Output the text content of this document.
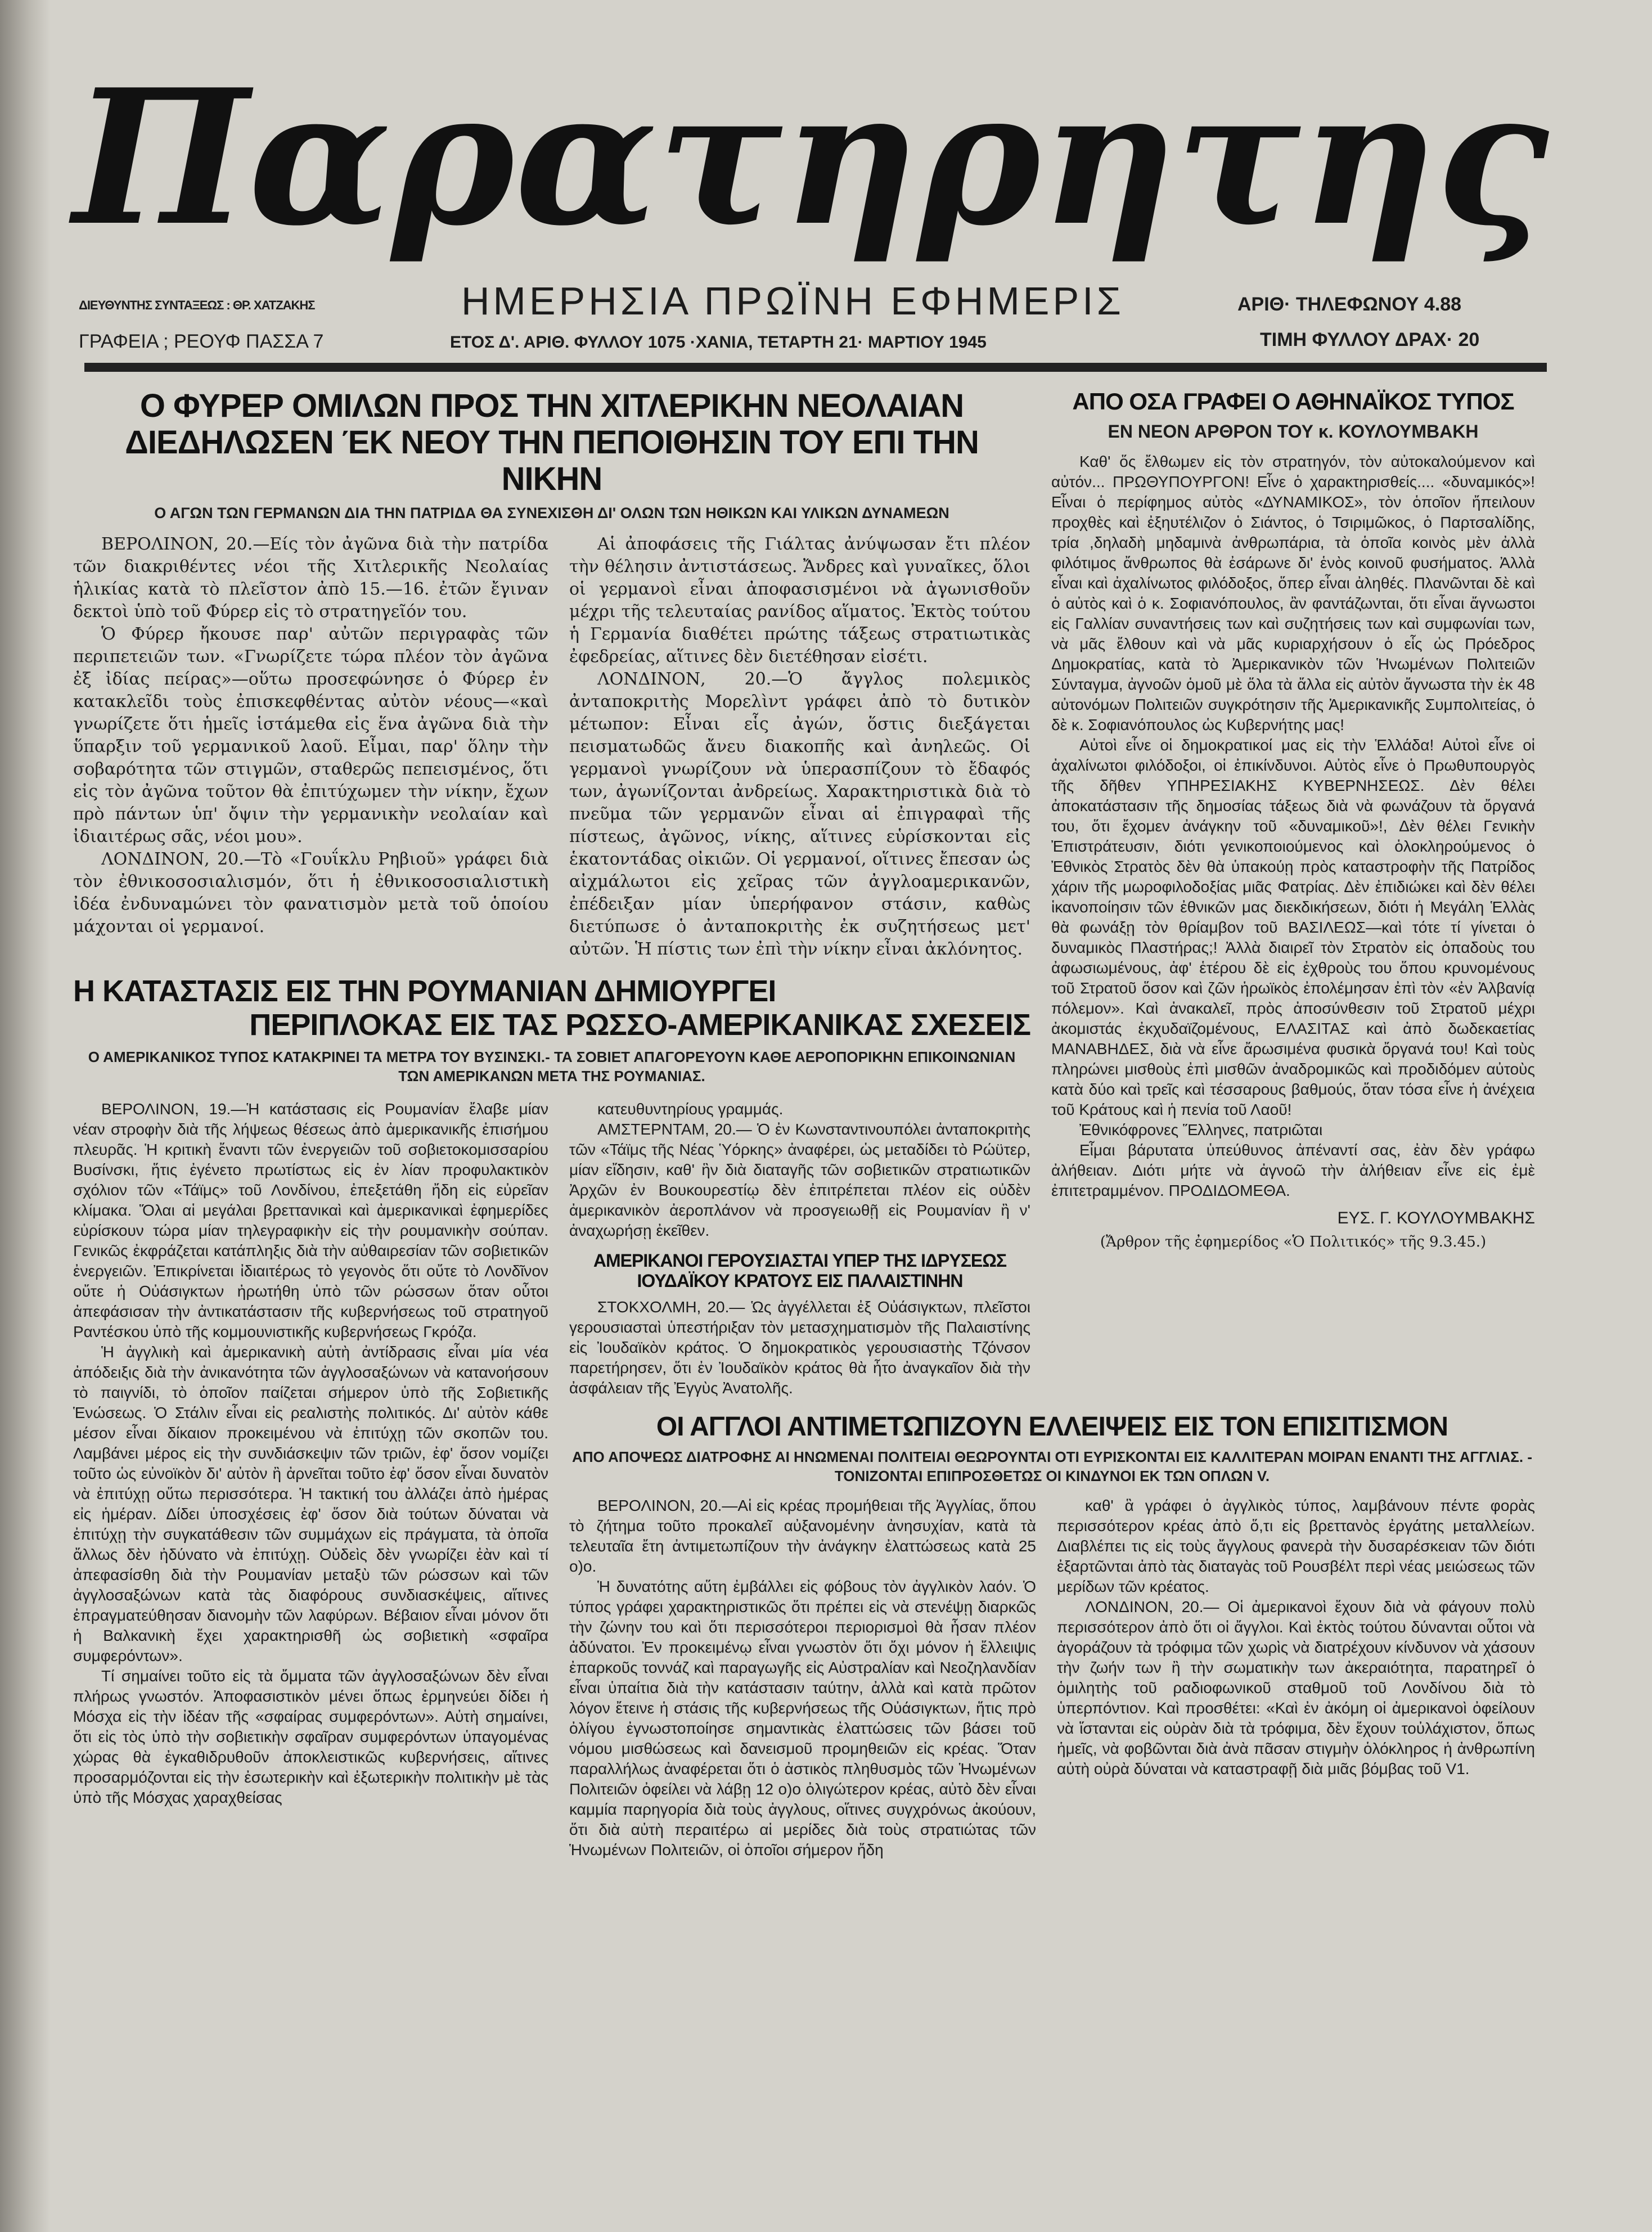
Παρατηρητης
ΔΙΕΥΘΥΝΤΗΣ ΣΥΝΤΑΞΕΩΣ : ΘΡ. ΧΑΤΖΑΚΗΣ	ΗΜΕΡΗΣΙΑ ΠΡΩΪΝΗ ΕΦΗΜΕΡΙΣ	ΑΡΙΘ· ΤΗΛΕΦΩΝΟΥ 4.88
ΓΡΑΦΕΙΑ ; ΡΕΟΥΦ ΠΑΣΣΑ 7	ΕΤΟΣ Δ'. ΑΡΙΘ. ΦΥΛΛΟΥ 1075 ·ΧΑΝΙΑ, ΤΕΤΑΡΤΗ 21· ΜΑΡΤΙΟΥ 1945	ΤΙΜΗ ΦΥΛΛΟΥ ΔΡΑΧ· 20
Ο ΦΥΡΕΡ ΟΜΙΛΩΝ ΠΡΟΣ ΤΗΝ ΧΙΤΛΕΡΙΚΗΝ ΝΕΟΛΑΙΑΝ
ΔΙΕΔΗΛΩΣΕΝ ΈΚ ΝΕΟΥ ΤΗΝ ΠΕΠΟΙΘΗΣΙΝ ΤΟΥ ΕΠΙ ΤΗΝ ΝΙΚΗΝ
Ο ΑΓΩΝ ΤΩΝ ΓΕΡΜΑΝΩΝ ΔΙΑ ΤΗΝ ΠΑΤΡΙΔΑ ΘΑ ΣΥΝΕΧΙΣΘΗ ΔΙ' ΟΛΩΝ ΤΩΝ ΗΘΙΚΩΝ ΚΑΙ ΥΛΙΚΩΝ ΔΥΝΑΜΕΩΝ

ΒΕΡΟΛΙΝΟΝ, 20.—Είς τὸν ἀγῶνα διὰ τὴν πατρίδα τῶν διακριθέντες νέοι τῆς Χιτλερικῆς Νεολαίας ἡλικίας κατὰ τὸ πλεῖστον ἀπὸ 15.—16. ἐτῶν ἔγιναν δεκτοὶ ὑπὸ τοῦ Φύρερ εἰς τὸ στρατηγεῖόν του.

Ὁ Φύρερ ἤκουσε παρ' αὐτῶν περιγραφὰς τῶν περιπετειῶν των. «Γνωρίζετε τώρα πλέον τὸν ἀγῶνα ἐξ ἰδίας πείρας»—οὕτω προσεφώνησε ὁ Φύρερ ἐν κατακλεῖδι τοὺς ἐπισκεφθέντας αὐτὸν νέους—«καὶ γνωρίζετε ὅτι ἡμεῖς ἱστάμεθα εἰς ἕνα ἀγῶνα διὰ τὴν ὕπαρξιν τοῦ γερμανικοῦ λαοῦ. Εἶμαι, παρ' ὅλην τὴν σοβαρότητα τῶν στιγμῶν, σταθερῶς πεπεισμένος, ὅτι εἰς τὸν ἀγῶνα τοῦτον θὰ ἐπιτύχωμεν τὴν νίκην, ἔχων πρὸ πάντων ὑπ' ὄψιν τὴν γερμανικὴν νεολαίαν καὶ ἰδιαιτέρως σᾶς, νέοι μου».

ΛΟΝΔΙΝΟΝ, 20.—Τὸ «Γουΐκλυ Ρηβιοῦ» γράφει διὰ τὸν ἐθνικοσοσιαλισμόν, ὅτι ἡ ἐθνικοσοσιαλιστικὴ ἰδέα ἐνδυναμώνει τὸν φανατισμὸν μετὰ τοῦ ὁποίου μάχονται οἱ γερμανοί.

Αἱ ἀποφάσεις τῆς Γιάλτας ἀνύψωσαν ἔτι πλέον τὴν θέλησιν ἀντιστάσεως. Ἄνδρες καὶ γυναῖκες, ὅλοι οἱ γερμανοὶ εἶναι ἀποφασισμένοι νὰ ἀγωνισθοῦν μέχρι τῆς τελευταίας ρανίδος αἵματος. Ἐκτὸς τούτου ἡ Γερμανία διαθέτει πρώτης τάξεως στρατιωτικὰς ἐφεδρείας, αἵτινες δὲν διετέθησαν εἰσέτι.

ΛΟΝΔΙΝΟΝ, 20.—Ὁ ἄγγλος πολεμικὸς ἀνταποκριτὴς Μορελὶντ γράφει ἀπὸ τὸ δυτικὸν μέτωπον: Εἶναι εἷς ἀγών, ὅστις διεξάγεται πεισματωδῶς ἄνευ διακοπῆς καὶ ἀνηλεῶς. Οἱ γερμανοὶ γνωρίζουν νὰ ὑπερασπίζουν τὸ ἔδαφός των, ἀγωνίζονται ἀνδρείως. Χαρακτηριστικὰ διὰ τὸ πνεῦμα τῶν γερμανῶν εἶναι αἱ ἐπιγραφαὶ τῆς πίστεως, ἀγῶνος, νίκης, αἵτινες εὑρίσκονται εἰς ἑκατοντάδας οἰκιῶν. Οἱ γερμανοί, οἵτινες ἔπεσαν ὡς αἰχμάλωτοι εἰς χεῖρας τῶν ἀγγλοαμερικανῶν, ἐπέδειξαν μίαν ὑπερήφανον στάσιν, καθὼς διετύπωσε ὁ ἀνταποκριτὴς ἐκ συζητήσεως μετ' αὐτῶν. Ἡ πίστις των ἐπὶ τὴν νίκην εἶναι ἀκλόνητος.

ΑΠΟ ΟΣΑ ΓΡΑΦΕΙ Ο ΑΘΗΝΑΪΚΟΣ ΤΥΠΟΣ
ΕΝ ΝΕΟΝ ΑΡΘΡΟΝ ΤΟΥ κ. ΚΟΥΛΟΥΜΒΑΚΗ

Καθ' ὅς ἔλθωμεν εἰς τὸν στρατηγόν, τὸν αὐτοκαλούμενον καὶ αὐτόν... ΠΡΩΘΥΠΟΥΡΓΟΝ! Εἶνε ὁ χαρακτηρισθείς.... «δυναμικός»! Εἶναι ὁ περίφημος αὐτὸς «ΔΥΝΑΜΙΚΟΣ», τὸν ὁποῖον ἤπειλουν προχθὲς καὶ ἐξηυτέλιζον ὁ Σιάντος, ὁ Τσιριμῶκος, ὁ Παρτσαλίδης, τρία ,δηλαδὴ μηδαμινὰ ἀνθρωπάρια, τὰ ὁποῖα κοινὸς μὲν ἀλλὰ φιλότιμος ἄνθρωπος θὰ ἐσάρωνε δι' ἑνὸς κοινοῦ φυσήματος. Ἀλλὰ εἶναι καὶ ἀχαλίνωτος φιλόδοξος, ὅπερ εἶναι ἀληθές. Πλανῶνται δὲ καὶ ὁ αὐτὸς καὶ ὁ κ. Σοφιανόπουλος, ἂν φαντάζωνται, ὅτι εἶναι ἄγνωστοι εἰς Γαλλίαν συναντήσεις των καὶ συζητήσεις των καὶ συμφωνίαι των, νὰ μᾶς ἔλθουν καὶ νὰ μᾶς κυριαρχήσουν ὁ εἷς ὡς Πρόεδρος Δημοκρατίας, κατὰ τὸ Ἀμερικανικὸν τῶν Ἡνωμένων Πολιτειῶν Σύνταγμα, ἀγνοῶν ὁμοῦ μὲ ὅλα τὰ ἄλλα εἰς αὐτὸν ἄγνωστα τὴν ἐκ 48 αὐτονόμων Πολιτειῶν συγκρότησιν τῆς Ἀμερικανικῆς Συμπολιτείας, ὁ δὲ κ. Σοφιανόπουλος ὡς Κυβερνήτης μας!

Αὐτοὶ εἶνε οἱ δημοκρατικοί μας εἰς τὴν Ἑλλάδα! Αὐτοὶ εἶνε οἱ ἀχαλίνωτοι φιλόδοξοι, οἱ ἐπικίνδυνοι. Αὐτὸς εἶνε ὁ Πρωθυπουργὸς τῆς δῆθεν ΥΠΗΡΕΣΙΑΚΗΣ ΚΥΒΕΡΝΗΣΕΩΣ. Δὲν θέλει ἀποκατάστασιν τῆς δημοσίας τάξεως διὰ νὰ φωνάζουν τὰ ὄργανά του, ὅτι ἔχομεν ἀνάγκην τοῦ «δυναμικοῦ»!, Δὲν θέλει Γενικὴν Ἐπιστράτευσιν, διότι γενικοποιούμενος καὶ ὁλοκληρούμενος ὁ Ἐθνικὸς Στρατὸς δὲν θὰ ὑπακούῃ πρὸς καταστροφὴν τῆς Πατρίδος χάριν τῆς μωροφιλοδοξίας μιᾶς Φατρίας. Δὲν ἐπιδιώκει καὶ δὲν θέλει ἱκανοποίησιν τῶν ἐθνικῶν μας διεκδικήσεων, διότι ἡ Μεγάλη Ἑλλὰς θὰ φωνάξῃ τὸν θρίαμβον τοῦ ΒΑΣΙΛΕΩΣ—καὶ τότε τί γίνεται ὁ δυναμικὸς Πλαστήρας;! Ἀλλὰ διαιρεῖ τὸν Στρατὸν εἰς ὁπαδοὺς του ἀφωσιωμένους, ἀφ' ἑτέρου δὲ εἰς ἐχθροὺς του ὅπου κρυνομένους τοῦ Στρατοῦ ὅσον καὶ ζῶν ἡρωϊκὸς ἐπολέμησαν ἐπὶ τὸν «ἐν Ἀλβανίᾳ πόλεμον». Καὶ ἀνακαλεῖ, πρὸς ἀποσύνθεσιν τοῦ Στρατοῦ μέχρι ἀκομιστάς ἐκχυδαϊζομένους, ΕΛΑΣΙΤΑΣ καὶ ἀπὸ δωδεκαετίας ΜΑΝΑΒΗΔΕΣ, διὰ νὰ εἶνε ἄρωσιμένα φυσικὰ ὄργανά του! Καὶ τοὺς πληρώνει μισθοὺς ἐπὶ μισθῶν ἀναδρομικῶς καὶ προδιδόμεν αὐτοὺς κατὰ δύο καὶ τρεῖς καὶ τέσσαρους βαθμούς, ὅταν τόσα εἶνε ἡ ἀνέχεια τοῦ Κράτους καὶ ἡ πενία τοῦ Λαοῦ!

Ἐθνικόφρονες Ἕλληνες, πατριῶται

Εἶμαι βάρυτατα ὑπεύθυνος ἀπέναντί σας, ἐὰν δὲν γράφω ἀλήθειαν. Διότι μήτε νὰ ἀγνοῶ τὴν ἀλήθειαν εἶνε εἰς ἐμὲ ἐπιτετραμμένον. ΠΡΟΔΙΔΟΜΕΘΑ.

ΕΥΣ. Γ. ΚΟΥΛΟΥΜΒΑΚΗΣ
(Ἄρθρον τῆς ἐφημερίδος «Ὁ Πολιτικός» τῆς 9.3.45.)
Η ΚΑΤΑΣΤΑΣΙΣ ΕΙΣ ΤΗΝ ΡΟΥΜΑΝΙΑΝ ΔΗΜΙΟΥΡΓΕΙ
ΠΕΡΙΠΛΟΚΑΣ ΕΙΣ ΤΑΣ ΡΩΣΣΟ-ΑΜΕΡΙΚΑΝΙΚΑΣ ΣΧΕΣΕΙΣ
Ο ΑΜΕΡΙΚΑΝΙΚΟΣ ΤΥΠΟΣ ΚΑΤΑΚΡΙΝΕΙ ΤΑ ΜΕΤΡΑ ΤΟΥ ΒΥΣΙΝΣΚΙ.- ΤΑ ΣΟΒΙΕΤ ΑΠΑΓΟΡΕΥΟΥΝ ΚΑΘΕ ΑΕΡΟΠΟΡΙΚΗΝ ΕΠΙΚΟΙΝΩΝΙΑΝ ΤΩΝ ΑΜΕΡΙΚΑΝΩΝ ΜΕΤΑ ΤΗΣ ΡΟΥΜΑΝΙΑΣ.

ΒΕΡΟΛΙΝΟΝ, 19.—Ἡ κατάστασις εἰς Ρουμανίαν ἔλαβε μίαν νέαν στροφὴν διὰ τῆς λήψεως θέσεως ἀπὸ ἀμερικανικῆς ἐπισήμου πλευρᾶς. Ἡ κριτικὴ ἔναντι τῶν ἐνεργειῶν τοῦ σοβιετοκομισσαρίου Βυσίνσκι, ἥτις ἐγένετο πρωτίστως εἰς ἐν λίαν προφυλακτικὸν σχόλιον τῶν «Τάϊμς» τοῦ Λονδίνου, ἐπεξετάθη ἤδη εἰς εὐρεῖαν κλίμακα. Ὅλαι αἱ μεγάλαι βρεττανικαὶ καὶ ἀμερικανικαὶ ἐφημερίδες εὑρίσκουν τώρα μίαν τηλεγραφικὴν εἰς τὴν ρουμανικὴν σούπαν. Γενικῶς ἐκφράζεται κατάπληξις διὰ τὴν αὐθαιρεσίαν τῶν σοβιετικῶν ἐνεργειῶν. Ἐπικρίνεται ἰδιαιτέρως τὸ γεγονὸς ὅτι οὔτε τὸ Λονδῖνον οὔτε ἡ Οὐάσιγκτων ἠρωτήθη ὑπὸ τῶν ρώσσων ὅταν οὗτοι ἀπεφάσισαν τὴν ἀντικατάστασιν τῆς κυβερνήσεως τοῦ στρατηγοῦ Ραντέσκου ὑπὸ τῆς κομμουνιστικῆς κυβερνήσεως Γκρόζα.

Ἡ ἀγγλικὴ καὶ ἀμερικανικὴ αὐτὴ ἀντίδρασις εἶναι μία νέα ἀπόδειξις διὰ τὴν ἀνικανότητα τῶν ἀγγλοσαξώνων νὰ κατανοήσουν τὸ παιγνίδι, τὸ ὁποῖον παίζεται σήμερον ὑπὸ τῆς Σοβιετικῆς Ἑνώσεως. Ὁ Στάλιν εἶναι εἰς ρεαλιστὴς πολιτικός. Δι' αὐτὸν κάθε μέσον εἶναι δίκαιον προκειμένου νὰ ἐπιτύχῃ τῶν σκοπῶν του. Λαμβάνει μέρος εἰς τὴν συνδιάσκεψιν τῶν τριῶν, ἐφ' ὅσον νομίζει τοῦτο ὡς εὐνοϊκὸν δι' αὐτὸν ἢ ἀρνεῖται τοῦτο ἐφ' ὅσον εἶναι δυνατὸν νὰ ἐπιτύχῃ οὕτω περισσότερα. Ἡ τακτική του ἀλλάζει ἀπὸ ἡμέρας εἰς ἡμέραν. Δίδει ὑποσχέσεις ἐφ' ὅσον διὰ τούτων δύναται νὰ ἐπιτύχῃ τὴν συγκατάθεσιν τῶν συμμάχων εἰς πράγματα, τὰ ὁποῖα ἄλλως δὲν ἠδύνατο νὰ ἐπιτύχῃ. Οὐδεὶς δὲν γνωρίζει ἐὰν καὶ τί ἀπεφασίσθη διὰ τὴν Ρουμανίαν μεταξὺ τῶν ρώσσων καὶ τῶν ἀγγλοσαξώνων κατὰ τὰς διαφόρους συνδιασκέψεις, αἵτινες ἐπραγματεύθησαν διανομὴν τῶν λαφύρων. Βέβαιον εἶναι μόνον ὅτι ἡ Βαλκανικὴ ἔχει χαρακτηρισθῆ ὡς σοβιετικὴ «σφαῖρα συμφερόντων».

Τί σημαίνει τοῦτο εἰς τὰ ὄμματα τῶν ἀγγλοσαξώνων δὲν εἶναι πλήρως γνωστόν. Ἀποφασιστικὸν μένει ὅπως ἑρμηνεύει δίδει ἡ Μόσχα εἰς τὴν ἰδέαν τῆς «σφαίρας συμφερόντων». Αὐτὴ σημαίνει, ὅτι εἰς τὸς ὑπὸ τὴν σοβιετικὴν σφαῖραν συμφερόντων ὑπαγομένας χώρας θὰ ἐγκαθιδρυθοῦν ἀποκλειστικῶς κυβερνήσεις, αἵτινες προσαρμόζονται εἰς τὴν ἐσωτερικὴν καὶ ἐξωτερικὴν πολιτικὴν μὲ τὰς ὑπὸ τῆς Μόσχας χαραχθείσας

κατευθυντηρίους γραμμάς.

ΑΜΣΤΕΡΝΤΑΜ, 20.— Ὁ ἐν Κωνσταντινουπόλει ἀνταποκριτὴς τῶν «Τάϊμς τῆς Νέας Ὑόρκης» ἀναφέρει, ὡς μεταδίδει τὸ Ρώϋτερ, μίαν εἴδησιν, καθ' ἣν διὰ διαταγῆς τῶν σοβιετικῶν στρατιωτικῶν Ἀρχῶν ἐν Βουκουρεστίῳ δὲν ἐπιτρέπεται πλέον εἰς οὐδὲν ἀμερικανικὸν ἀεροπλάνον νὰ προσγειωθῇ εἰς Ρουμανίαν ἢ ν' ἀναχωρήσῃ ἐκεῖθεν.

ΑΜΕΡΙΚΑΝΟΙ ΓΕΡΟΥΣΙΑΣΤΑΙ ΥΠΕΡ ΤΗΣ ΙΔΡΥΣΕΩΣ
ΙΟΥΔΑΪΚΟΥ ΚΡΑΤΟΥΣ ΕΙΣ ΠΑΛΑΙΣΤΙΝΗΝ

ΣΤΟΚΧΟΛΜΗ, 20.— Ὡς ἀγγέλλεται ἐξ Οὐάσιγκτων, πλεῖστοι γερουσιασταὶ ὑπεστήριξαν τὸν μετασχηματισμὸν τῆς Παλαιστίνης εἰς Ἰουδαϊκὸν κράτος. Ὁ δημοκρατικὸς γερουσιαστὴς Τζόνσον παρετήρησεν, ὅτι ἐν Ἰουδαϊκὸν κράτος θὰ ἦτο ἀναγκαῖον διὰ τὴν ἀσφάλειαν τῆς Ἐγγὺς Ἀνατολῆς.

ΟΙ ΑΓΓΛΟΙ ΑΝΤΙΜΕΤΩΠΙΖΟΥΝ ΕΛΛΕΙΨΕΙΣ ΕΙΣ ΤΟΝ ΕΠΙΣΙΤΙΣΜΟΝ
ΑΠΟ ΑΠΟΨΕΩΣ ΔΙΑΤΡΟΦΗΣ ΑΙ ΗΝΩΜΕΝΑΙ ΠΟΛΙΤΕΙΑΙ ΘΕΩΡΟΥΝΤΑΙ ΟΤΙ ΕΥΡΙΣΚΟΝΤΑΙ ΕΙΣ ΚΑΛΛΙΤΕΡΑΝ ΜΟΙΡΑΝ ΕΝΑΝΤΙ ΤΗΣ ΑΓΓΛΙΑΣ. - ΤΟΝΙΖΟΝΤΑΙ ΕΠΙΠΡΟΣΘΕΤΩΣ ΟΙ ΚΙΝΔΥΝΟΙ ΕΚ ΤΩΝ ΟΠΛΩΝ V.

ΒΕΡΟΛΙΝΟΝ, 20.—Αἱ εἰς κρέας προμήθειαι τῆς Ἀγγλίας, ὅπου τὸ ζήτημα τοῦτο προκαλεῖ αὐξανομένην ἀνησυχίαν, κατὰ τὰ τελευταῖα ἔτη ἀντιμετωπίζουν τὴν ἀνάγκην ἐλαττώσεως κατὰ 25 ο)ο.

Ἡ δυνατότης αὕτη ἐμβάλλει εἰς φόβους τὸν ἀγγλικὸν λαόν. Ὁ τύπος γράφει χαρακτηριστικῶς ὅτι πρέπει εἰς νὰ στενέψῃ διαρκῶς τὴν ζώνην του καὶ ὅτι περισσότεροι περιορισμοὶ θὰ ἦσαν πλέον ἀδύνατοι. Ἐν προκειμένῳ εἶναι γνωστὸν ὅτι ὄχι μόνον ἡ ἔλλειψις ἐπαρκοῦς τοννάζ καὶ παραγωγῆς εἰς Αὐστραλίαν καὶ Νεοζηλανδίαν εἶναι ὑπαίτια διὰ τὴν κατάστασιν ταύτην, ἀλλὰ καὶ κατὰ πρῶτον λόγον ἔτεινε ἡ στάσις τῆς κυβερνήσεως τῆς Οὐάσιγκτων, ἥτις πρὸ ὀλίγου ἐγνωστοποίησε σημαντικὰς ἐλαττώσεις τῶν βάσει τοῦ νόμου μισθώσεως καὶ δανεισμοῦ προμηθειῶν εἰς κρέας. Ὅταν παραλλήλως ἀναφέρεται ὅτι ὁ ἀστικὸς πληθυσμὸς τῶν Ἡνωμένων Πολιτειῶν ὀφείλει νὰ λάβῃ 12 ο)ο ὀλιγώτερον κρέας, αὐτὸ δὲν εἶναι καμμία παρηγορία διὰ τοὺς ἀγγλους, οἵτινες συγχρόνως ἀκούουν, ὅτι διὰ αὐτὴ περαιτέρω αἱ μερίδες διὰ τοὺς στρατιώτας τῶν Ἡνωμένων Πολιτειῶν, οἱ ὁποῖοι σήμερον ἤδη

καθ' ἃ γράφει ὁ ἀγγλικὸς τύπος, λαμβάνουν πέντε φορὰς περισσότερον κρέας ἀπὸ ὅ,τι εἰς βρεττανὸς ἐργάτης μεταλλείων. Διαβλέπει τις εἰς τοὺς ἄγγλους φανερὰ τὴν δυσαρέσκειαν τῶν διότι ἐξαρτῶνται ἀπὸ τὰς διαταγὰς τοῦ Ρουσβέλτ περὶ νέας μειώσεως τῶν μερίδων τῶν κρέατος.

ΛΟΝΔΙΝΟΝ, 20.— Οἱ ἀμερικανοὶ ἔχουν διὰ νὰ φάγουν πολὺ περισσότερον ἀπὸ ὅτι οἱ ἄγγλοι. Καὶ ἐκτὸς τούτου δύνανται οὗτοι νὰ ἀγοράζουν τὰ τρόφιμα τῶν χωρὶς νὰ διατρέχουν κίνδυνον νὰ χάσουν τὴν ζωήν των ἢ τὴν σωματικὴν των ἀκεραιότητα, παρατηρεῖ ὁ ὁμιλητὴς τοῦ ραδιοφωνικοῦ σταθμοῦ τοῦ Λονδίνου διὰ τὸ ὑπερπόντιον. Καὶ προσθέτει: «Καὶ ἐν ἀκόμη οἱ ἀμερικανοὶ ὀφείλουν νὰ ἵστανται εἰς οὐρὰν διὰ τὰ τρόφιμα, δὲν ἔχουν τοὐλάχιστον, ὅπως ἡμεῖς, νὰ φοβῶνται διὰ ἀνὰ πᾶσαν στιγμὴν ὁλόκληρος ἡ ἀνθρωπίνη αὐτὴ οὐρὰ δύναται νὰ καταστραφῇ διὰ μιᾶς βόμβας τοῦ V1.
